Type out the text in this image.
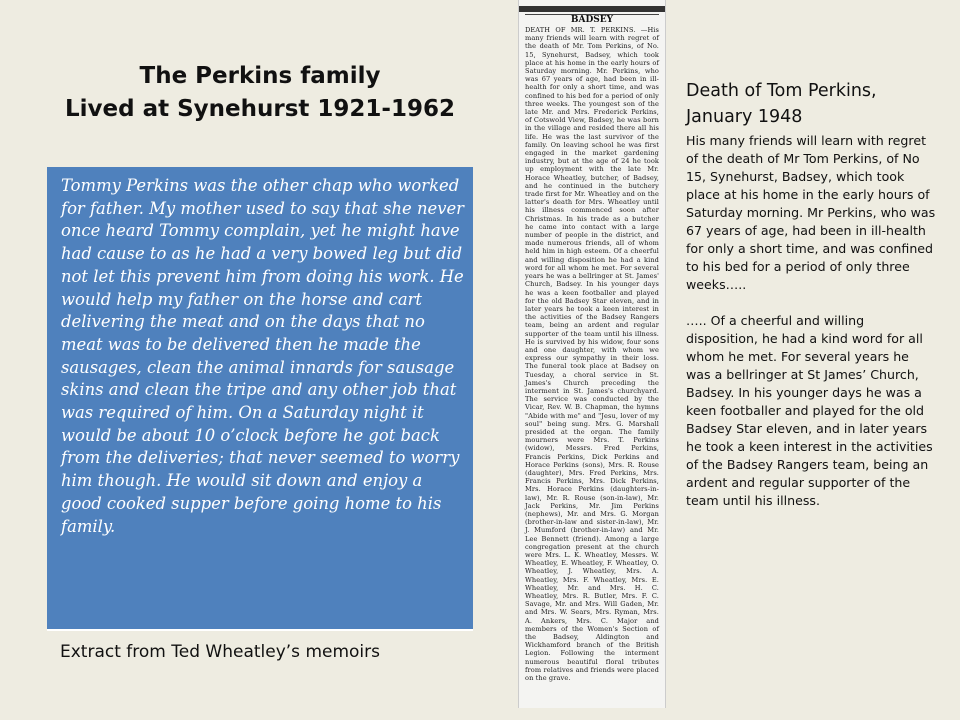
The Perkins family
Lived at Synehurst 1921-1962

Tommy Perkins was the other chap who worked for father. My mother used to say that she never once heard Tommy complain, yet he might have had cause to as he had a very bowed leg but did not let this prevent him from doing his work. He would help my father on the horse and cart delivering the meat and on the days that no meat was to be delivered then he made the sausages, clean the animal innards for sausage skins and clean the tripe and any other job that was required of him. On a Saturday night it would be about 10 o’clock before he got back from the deliveries; that never seemed to worry him though. He would sit down and enjoy a good cooked supper before going home to his family.

Extract from Ted Wheatley’s memoirs
BADSEY

DEATH OF MR. T. PERKINS. —His many friends will learn with regret of the death of Mr. Tom Perkins, of No. 15, Synehurst, Badsey, which took place at his home in the early hours of Saturday morning. Mr. Perkins, who was 67 years of age, had been in ill-health for only a short time, and was confined to his bed for a period of only three weeks. The youngest son of the late Mr. and Mrs. Frederick Perkins, of Cotswold View, Badsey, he was born in the village and resided there all his life. He was the last survivor of the family. On leaving school he was first engaged in the market gardening industry, but at the age of 24 he took up employment with the late Mr. Horace Wheatley, butcher, of Badsey, and he continued in the butchery trade first for Mr. Wheatley and on the latter's death for Mrs. Wheatley until his illness commenced soon after Christmas. In his trade as a butcher he came into contact with a large number of people in the district, and made numerous friends, all of whom held him in high esteem. Of a cheerful and willing disposition he had a kind word for all whom he met. For several years he was a bellringer at St. James' Church, Badsey. In his younger days he was a keen footballer and played for the old Badsey Star eleven, and in later years he took a keen interest in the activities of the Badsey Rangers team, being an ardent and regular supporter of the team until his illness. He is survived by his widow, four sons and one daughter, with whom we express our sympathy in their loss. The funeral took place at Badsey on Tuesday, a choral service in St. James's Church preceding the interment in St. James's churchyard. The service was conducted by the Vicar, Rev. W. B. Chapman, the hymns "Abide with me" and "Jesu, lover of my soul" being sung. Mrs. G. Marshall presided at the organ. The family mourners were Mrs. T. Perkins (widow), Messrs. Fred Perkins, Francis Perkins, Dick Perkins and Horace Perkins (sons), Mrs. R. Rouse (daughter), Mrs. Fred Perkins, Mrs. Francis Perkins, Mrs. Dick Perkins, Mrs. Horace Perkins (daughters-in-law), Mr. R. Rouse (son-in-law), Mr. Jack Perkins, Mr. Jim Perkins (nephews), Mr. and Mrs. G. Morgan (brother-in-law and sister-in-law), Mr. J. Mumford (brother-in-law) and Mr. Lee Bennett (friend). Among a large congregation present at the church were Mrs. L. K. Wheatley, Messrs. W. Wheatley, E. Wheatley, F. Wheatley, O. Wheatley, J. Wheatley, Mrs. A. Wheatley, Mrs. F. Wheatley, Mrs. E. Wheatley, Mr. and Mrs. H. C. Wheatley, Mrs. R. Butler, Mrs. F. C. Savage, Mr. and Mrs. Will Gaden, Mr. and Mrs. W. Sears, Mrs. Ryman, Mrs. A. Ankers, Mrs. C. Major and members of the Women's Section of the Badsey, Aldington and Wickhamford branch of the British Legion. Following the interment numerous beautiful floral tributes from relatives and friends were placed on the grave.

Death of Tom Perkins,
January 1948

His many friends will learn with regret of the death of Mr Tom Perkins, of No 15, Synehurst, Badsey, which took place at his home in the early hours of Saturday morning. Mr Perkins, who was 67 years of age, had been in ill-health for only a short time, and was confined to his bed for a period of only three weeks…..

….. Of a cheerful and willing disposition, he had a kind word for all whom he met. For several years he was a bellringer at St James’ Church, Badsey. In his younger days he was a keen footballer and played for the old Badsey Star eleven, and in later years he took a keen interest in the activities of the Badsey Rangers team, being an ardent and regular supporter of the team until his illness.
